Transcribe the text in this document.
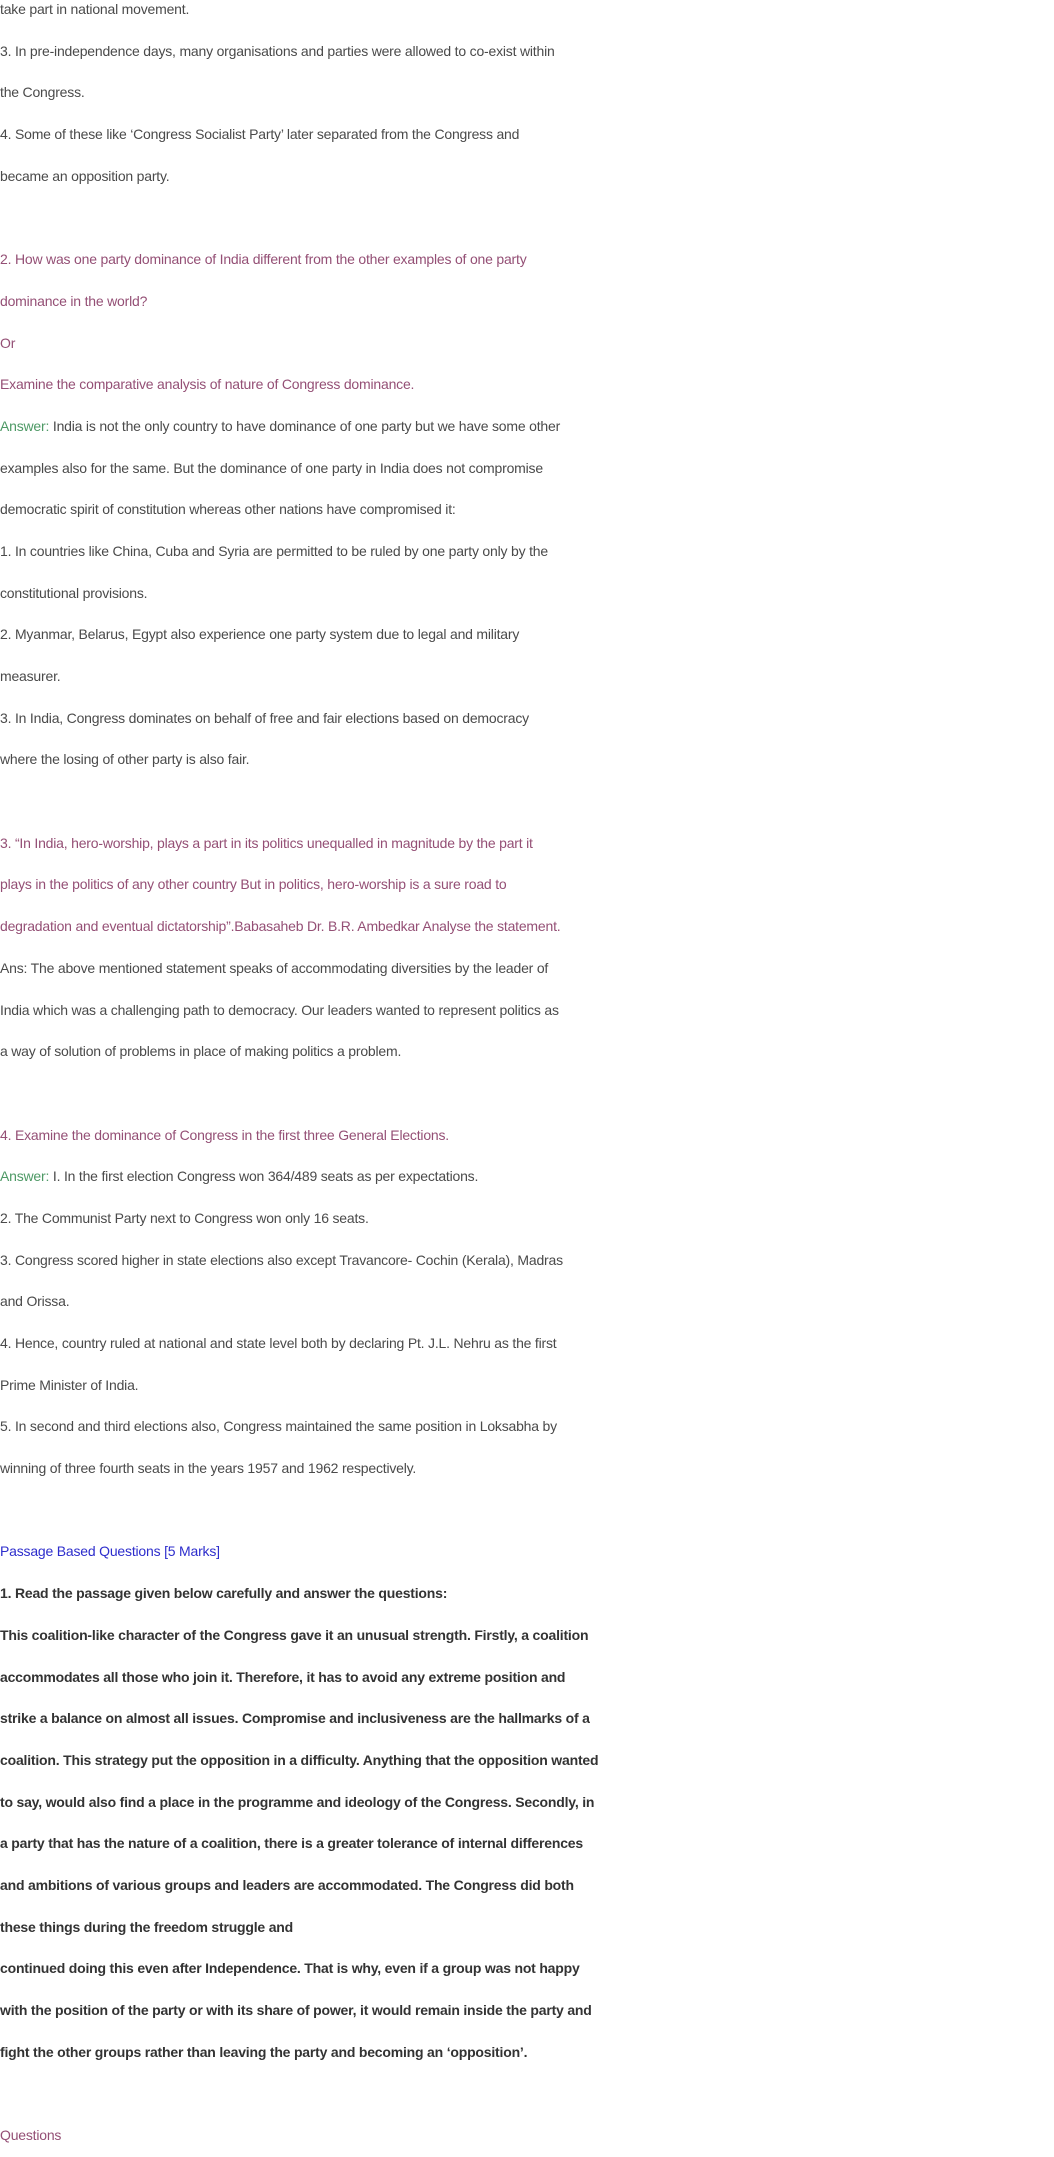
take part in national movement.
3. In pre-independence days, many organisations and parties were allowed to co-exist within
the Congress.
4. Some of these like ‘Congress Socialist Party’ later separated from the Congress and
became an opposition party.
2. How was one party dominance of India different from the other examples of one party
dominance in the world?
Or
Examine the comparative analysis of nature of Congress dominance.
Answer: India is not the only country to have dominance of one party but we have some other
examples also for the same. But the dominance of one party in India does not compromise
democratic spirit of constitution whereas other nations have compromised it:
1. In countries like China, Cuba and Syria are permitted to be ruled by one party only by the
constitutional provisions.
2. Myanmar, Belarus, Egypt also experience one party system due to legal and military
measurer.
3. In India, Congress dominates on behalf of free and fair elections based on democracy
where the losing of other party is also fair.
3. “In India, hero-worship, plays a part in its politics unequalled in magnitude by the part it
plays in the politics of any other country But in politics, hero-worship is a sure road to
degradation and eventual dictatorship”.Babasaheb Dr. B.R. Ambedkar Analyse the statement.
Ans: The above mentioned statement speaks of accommodating diversities by the leader of
India which was a challenging path to democracy. Our leaders wanted to represent politics as
a way of solution of problems in place of making politics a problem.
4. Examine the dominance of Congress in the first three General Elections.
Answer: I. In the first election Congress won 364/489 seats as per expectations.
2. The Communist Party next to Congress won only 16 seats.
3. Congress scored higher in state elections also except Travancore- Cochin (Kerala), Madras
and Orissa.
4. Hence, country ruled at national and state level both by declaring Pt. J.L. Nehru as the first
Prime Minister of India.
5. In second and third elections also, Congress maintained the same position in Loksabha by
winning of three fourth seats in the years 1957 and 1962 respectively.
Passage Based Questions [5 Marks]
1. Read the passage given below carefully and answer the questions:
This coalition-like character of the Congress gave it an unusual strength. Firstly, a coalition
accommodates all those who join it. Therefore, it has to avoid any extreme position and
strike a balance on almost all issues. Compromise and inclusiveness are the hallmarks of a
coalition. This strategy put the opposition in a difficulty. Anything that the opposition wanted
to say, would also find a place in the programme and ideology of the Congress. Secondly, in
a party that has the nature of a coalition, there is a greater tolerance of internal differences
and ambitions of various groups and leaders are accommodated. The Congress did both
these things during the freedom struggle and
continued doing this even after Independence. That is why, even if a group was not happy
with the position of the party or with its share of power, it would remain inside the party and
fight the other groups rather than leaving the party and becoming an ‘opposition’.
Questions
